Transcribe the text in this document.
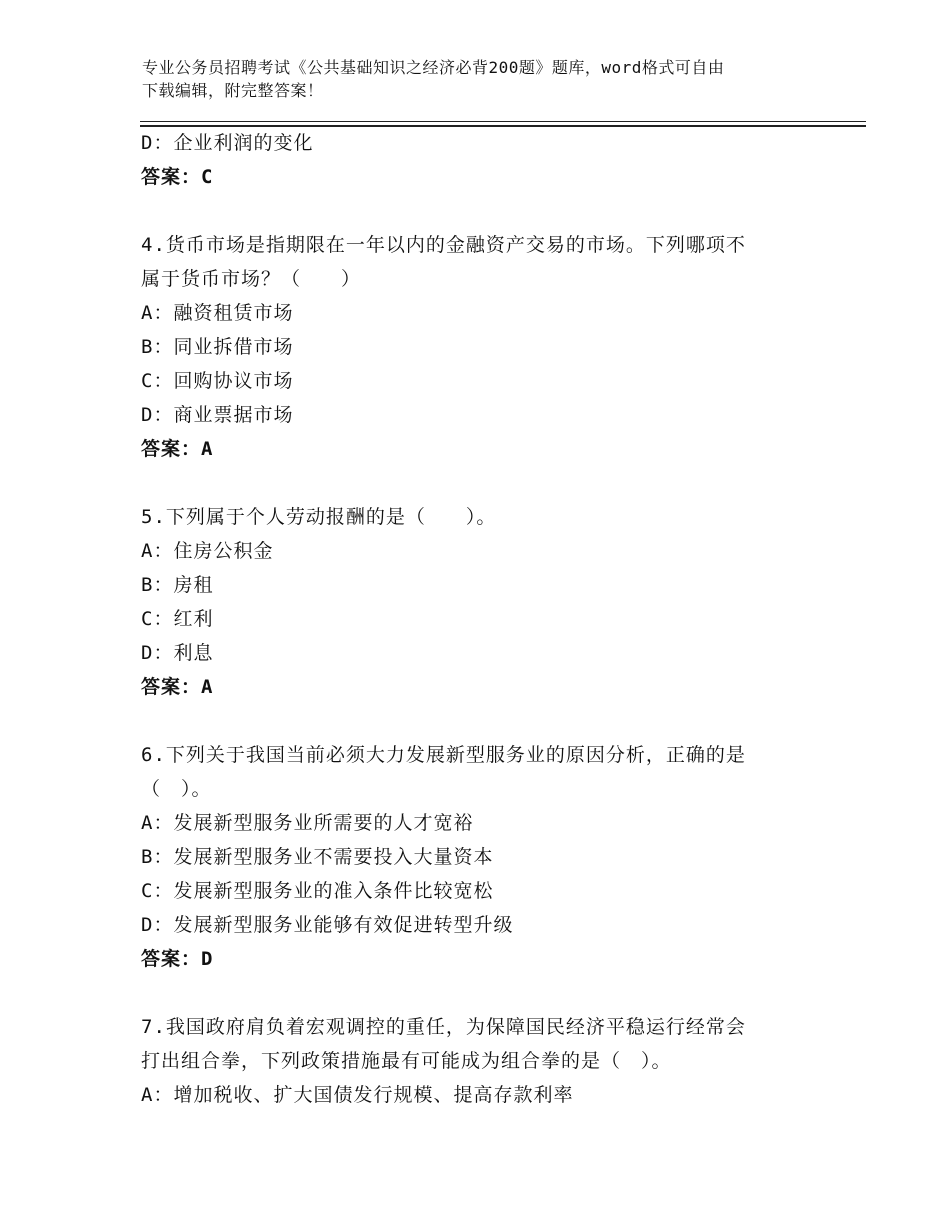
专业公务员招聘考试《公共基础知识之经济必背200题》题库，word格式可自由
下载编辑，附完整答案！
D：企业利润的变化
答案：C
4.货币市场是指期限在一年以内的金融资产交易的市场。下列哪项不
属于货币市场？（　　）
A：融资租赁市场
B：同业拆借市场
C：回购协议市场
D：商业票据市场
答案：A
5.下列属于个人劳动报酬的是（　　）。
A：住房公积金
B：房租
C：红利
D：利息
答案：A
6.下列关于我国当前必须大力发展新型服务业的原因分析，正确的是
（　）。
A：发展新型服务业所需要的人才宽裕
B：发展新型服务业不需要投入大量资本
C：发展新型服务业的准入条件比较宽松
D：发展新型服务业能够有效促进转型升级
答案：D
7.我国政府肩负着宏观调控的重任，为保障国民经济平稳运行经常会
打出组合拳，下列政策措施最有可能成为组合拳的是（　）。
A：增加税收、扩大国债发行规模、提高存款利率
